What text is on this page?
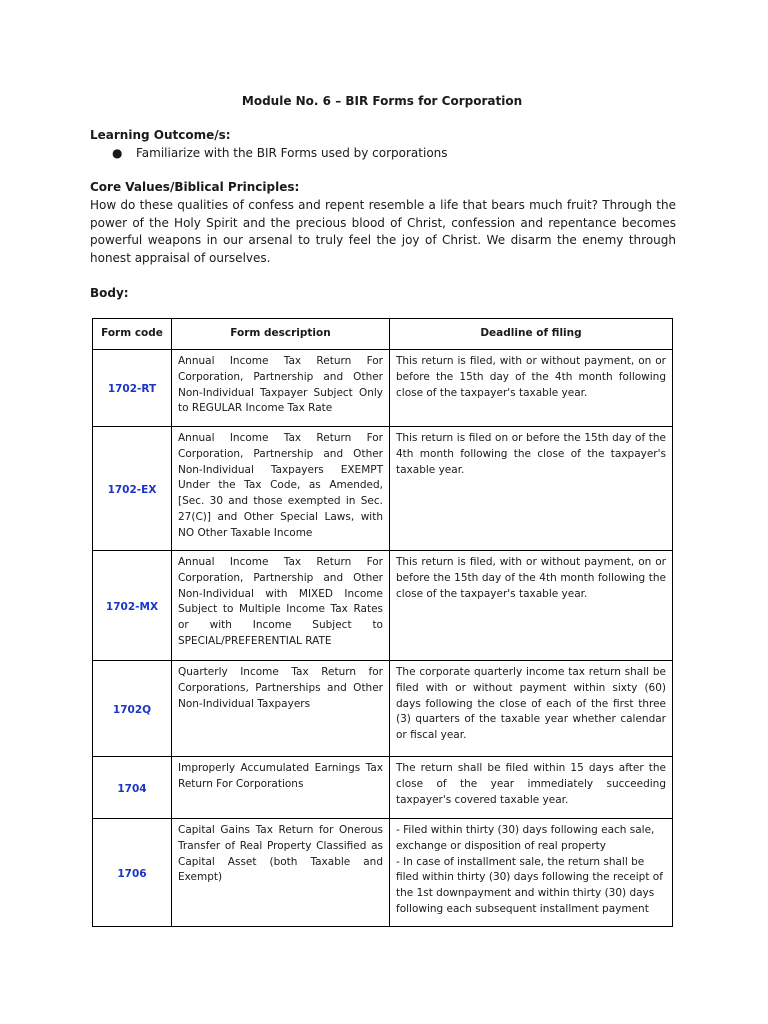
Module No. 6 – BIR Forms for Corporation
Learning Outcome/s:
● Familiarize with the BIR Forms used by corporations
Core Values/Biblical Principles:
How do these qualities of confess and repent resemble a life that bears much fruit? Through the power of the Holy Spirit and the precious blood of Christ, confession and repentance becomes powerful weapons in our arsenal to truly feel the joy of Christ. We disarm the enemy through honest appraisal of ourselves.
Body:
Form code	Form description	Deadline of filing
1702-RT	Annual Income Tax Return For Corporation, Partnership and Other Non-Individual Taxpayer Subject Only to REGULAR Income Tax Rate	This return is filed, with or without payment, on or before the 15th day of the 4th month following close of the taxpayer's taxable year.
1702-EX	Annual Income Tax Return For Corporation, Partnership and Other Non-Individual Taxpayers EXEMPT Under the Tax Code, as Amended, [Sec. 30 and those exempted in Sec. 27(C)] and Other Special Laws, with NO Other Taxable Income	This return is filed on or before the 15th day of the 4th month following the close of the taxpayer's taxable year.
1702-MX	Annual Income Tax Return For Corporation, Partnership and Other Non-Individual with MIXED Income Subject to Multiple Income Tax Rates or with Income Subject to SPECIAL/PREFERENTIAL RATE	This return is filed, with or without payment, on or before the 15th day of the 4th month following the close of the taxpayer's taxable year.
1702Q	Quarterly Income Tax Return for Corporations, Partnerships and Other Non-Individual Taxpayers	The corporate quarterly income tax return shall be filed with or without payment within sixty (60) days following the close of each of the first three (3) quarters of the taxable year whether calendar or fiscal year.
1704	Improperly Accumulated Earnings Tax Return For Corporations	The return shall be filed within 15 days after the close of the year immediately succeeding taxpayer's covered taxable year.
1706	Capital Gains Tax Return for Onerous Transfer of Real Property Classified as Capital Asset (both Taxable and Exempt)	- Filed within thirty (30) days following each sale, exchange or disposition of real property
- In case of installment sale, the return shall be filed within thirty (30) days following the receipt of the 1st downpayment and within thirty (30) days following each subsequent installment payment
